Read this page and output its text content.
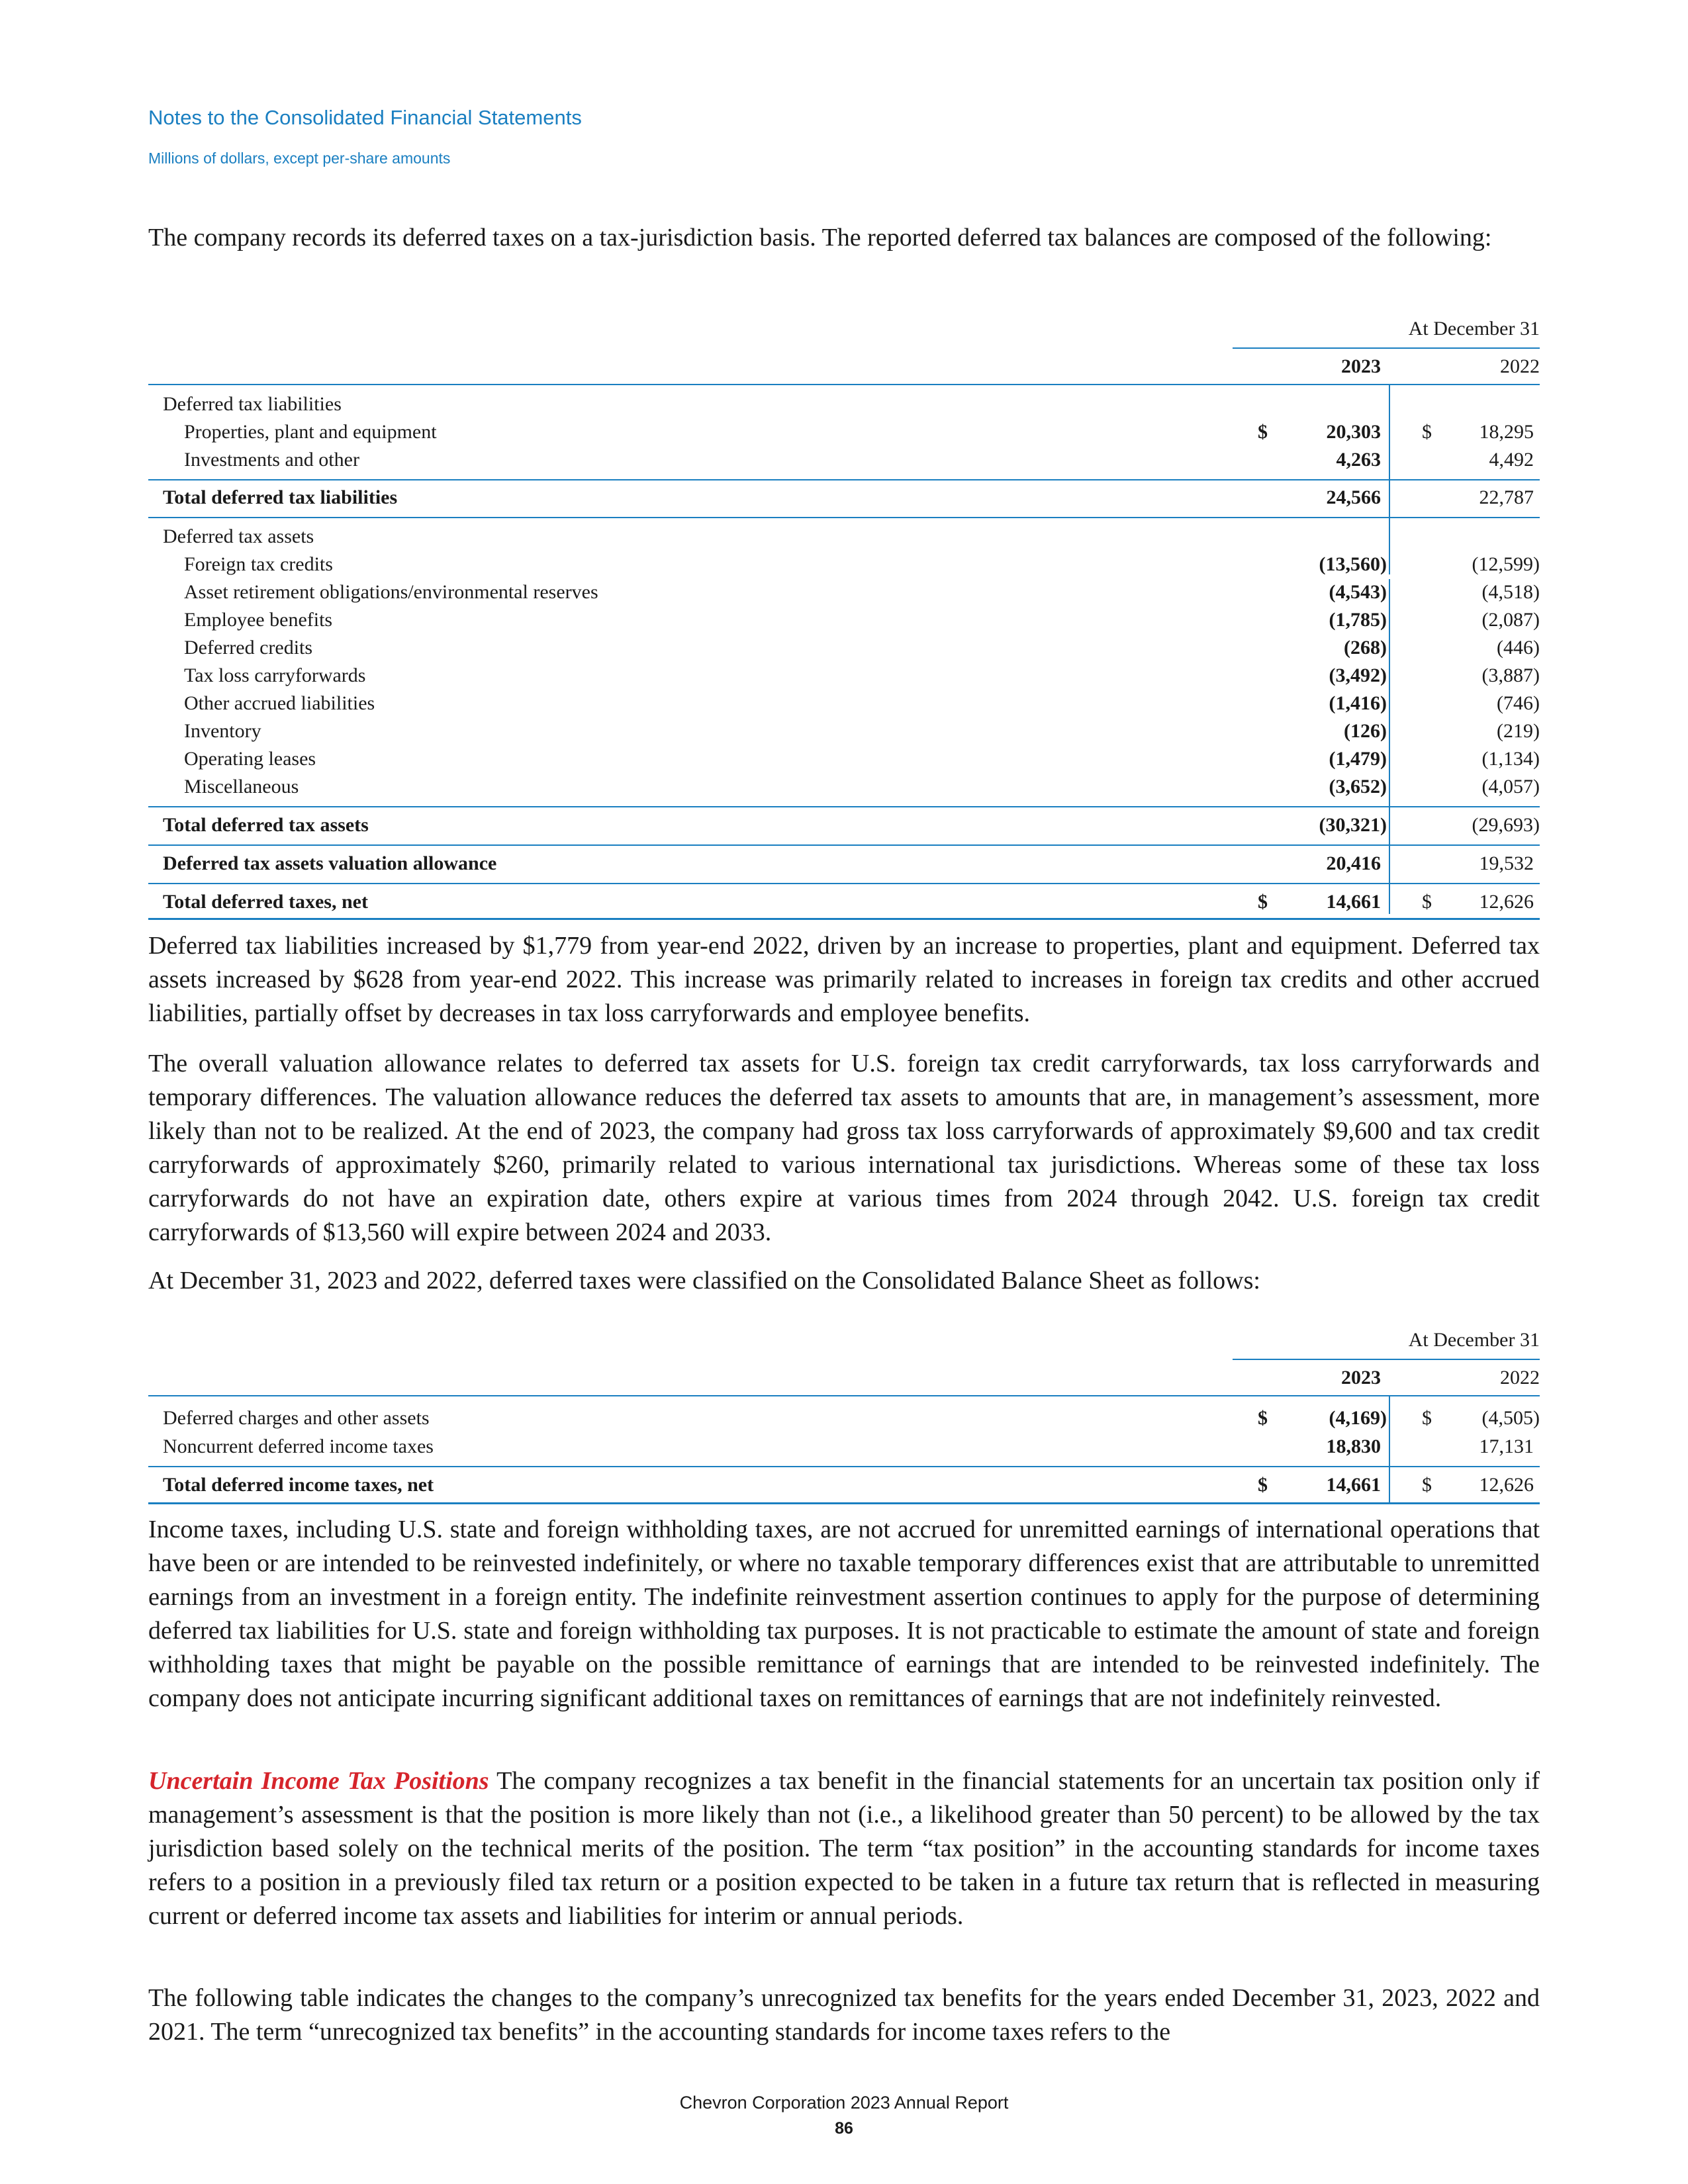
Notes to the Consolidated Financial Statements
Millions of dollars, except per-share amounts

The company records its deferred taxes on a tax-jurisdiction basis. The reported deferred tax balances are composed of the following:

At December 31
2023	2022
Deferred tax liabilities
Properties, plant and equipment	$	20,303 $ 18,295
Investments and other	4,263	4,492
Total deferred tax liabilities	24,566	22,787
Deferred tax assets
Foreign tax credits	(13,560)	(12,599)
Asset retirement obligations/environmental reserves	(4,543)	(4,518)
Employee benefits	(1,785)	(2,087)
Deferred credits	(268)	(446)
Tax loss carryforwards	(3,492)	(3,887)
Other accrued liabilities	(1,416)	(746)
Inventory	(126)	(219)
Operating leases	(1,479)	(1,134)
Miscellaneous	(3,652)	(4,057)
Total deferred tax assets	(30,321)	(29,693)
Deferred tax assets valuation allowance	20,416	19,532
Total deferred taxes, net	$	14,661 $ 12,626

Deferred tax liabilities increased by $1,779 from year-end 2022, driven by an increase to properties, plant and equipment. Deferred tax assets increased by $628 from year-end 2022. This increase was primarily related to increases in foreign tax credits and other accrued liabilities, partially offset by decreases in tax loss carryforwards and employee benefits.

The overall valuation allowance relates to deferred tax assets for U.S. foreign tax credit carryforwards, tax loss carryforwards and temporary differences. The valuation allowance reduces the deferred tax assets to amounts that are, in management’s assessment, more likely than not to be realized. At the end of 2023, the company had gross tax loss carryforwards of approximately $9,600 and tax credit carryforwards of approximately $260, primarily related to various international tax jurisdictions. Whereas some of these tax loss carryforwards do not have an expiration date, others expire at various times from 2024 through 2042. U.S. foreign tax credit carryforwards of $13,560 will expire between 2024 and 2033.

At December 31, 2023 and 2022, deferred taxes were classified on the Consolidated Balance Sheet as follows:

At December 31
2023	2022
Deferred charges and other assets	$	(4,169) $	(4,505)
Noncurrent deferred income taxes	18,830	17,131
Total deferred income taxes, net	$	14,661 $ 12,626

Income taxes, including U.S. state and foreign withholding taxes, are not accrued for unremitted earnings of international operations that have been or are intended to be reinvested indefinitely, or where no taxable temporary differences exist that are attributable to unremitted earnings from an investment in a foreign entity. The indefinite reinvestment assertion continues to apply for the purpose of determining deferred tax liabilities for U.S. state and foreign withholding tax purposes. It is not practicable to estimate the amount of state and foreign withholding taxes that might be payable on the possible remittance of earnings that are intended to be reinvested indefinitely. The company does not anticipate incurring significant additional taxes on remittances of earnings that are not indefinitely reinvested.

Uncertain Income Tax Positions The company recognizes a tax benefit in the financial statements for an uncertain tax position only if management’s assessment is that the position is more likely than not (i.e., a likelihood greater than 50 percent) to be allowed by the tax jurisdiction based solely on the technical merits of the position. The term “tax position” in the accounting standards for income taxes refers to a position in a previously filed tax return or a position expected to be taken in a future tax return that is reflected in measuring current or deferred income tax assets and liabilities for interim or annual periods.

The following table indicates the changes to the company’s unrecognized tax benefits for the years ended December 31, 2023, 2022 and 2021. The term “unrecognized tax benefits” in the accounting standards for income taxes refers to the

Chevron Corporation 2023 Annual Report
86
